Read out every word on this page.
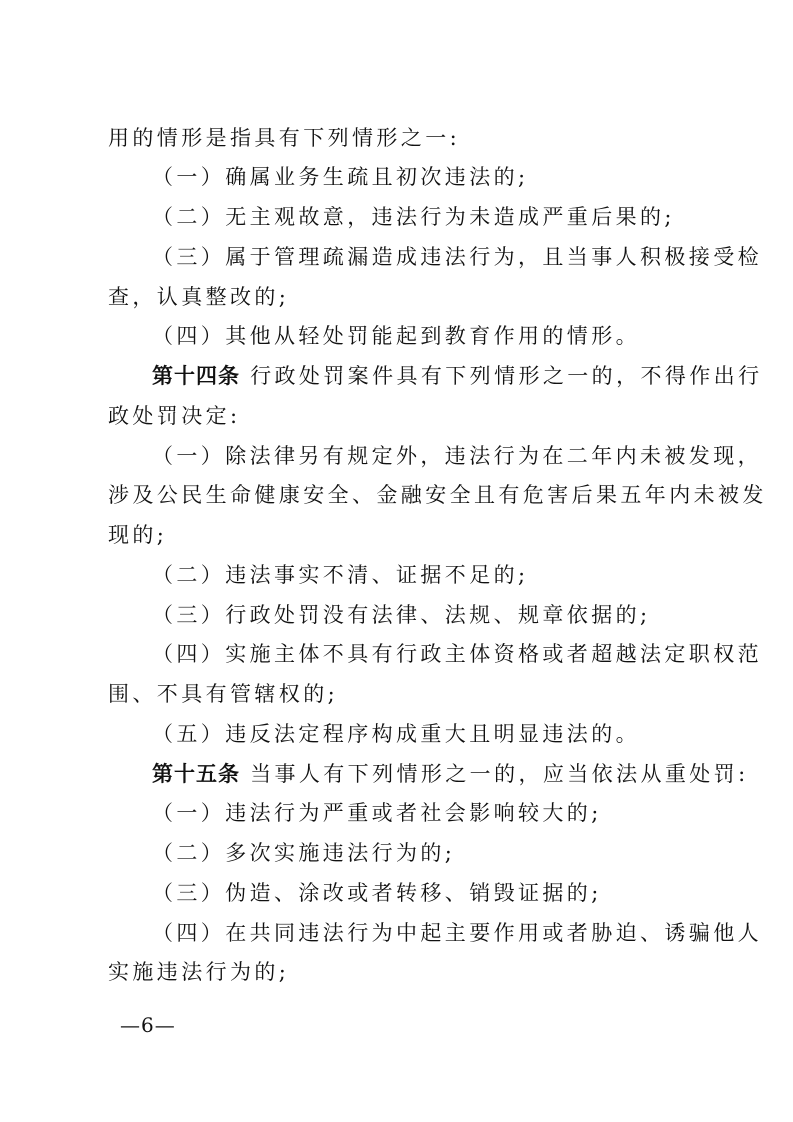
用的情形是指具有下列情形之一:
（一）确属业务生疏且初次违法的;
（二）无主观故意，违法行为未造成严重后果的;
（三）属于管理疏漏造成违法行为，且当事人积极接受检
查，认真整改的;
（四）其他从轻处罚能起到教育作用的情形。
第十四条 行政处罚案件具有下列情形之一的，不得作出行
政处罚决定:
（一）除法律另有规定外，违法行为在二年内未被发现，
涉及公民生命健康安全、金融安全且有危害后果五年内未被发
现的;
（二）违法事实不清、证据不足的;
（三）行政处罚没有法律、法规、规章依据的;
（四）实施主体不具有行政主体资格或者超越法定职权范
围、不具有管辖权的;
（五）违反法定程序构成重大且明显违法的。
第十五条 当事人有下列情形之一的，应当依法从重处罚:
（一）违法行为严重或者社会影响较大的;
（二）多次实施违法行为的;
（三）伪造、涂改或者转移、销毁证据的;
（四）在共同违法行为中起主要作用或者胁迫、诱骗他人
实施违法行为的;
—6—
